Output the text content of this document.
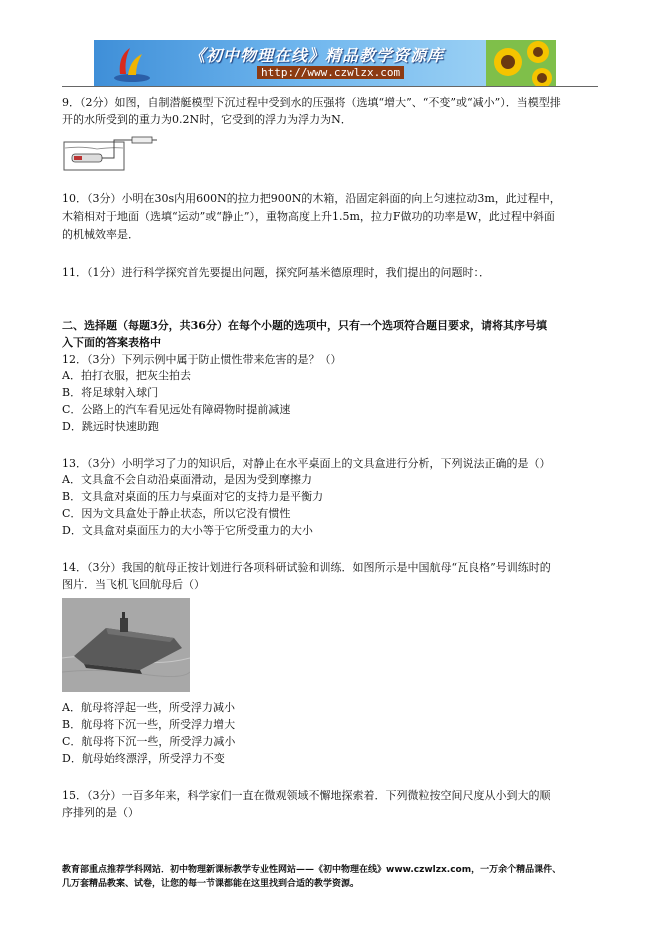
《初中物理在线》精品教学资源库
http://www.czwlzx.com
9．（2分）如图，自制潜艇模型下沉过程中受到水的压强将（选填“增大”、“不变”或“减小”）．当模型排
开的水所受到的重力为0.2N时，它受到的浮力为浮力为N．
10．（3分）小明在30s内用600N的拉力把900N的木箱，沿固定斜面的向上匀速拉动3m，此过程中，
木箱相对于地面（选填“运动”或“静止”），重物高度上升1.5m，拉力F做功的功率是W，此过程中斜面
的机械效率是．
11．（1分）进行科学探究首先要提出问题，探究阿基米德原理时，我们提出的问题时：．
二、选择题（每题3分，共36分）在每个小题的选项中，只有一个选项符合题目要求，请将其序号填
入下面的答案表格中
12．（3分）下列示例中属于防止惯性带来危害的是？（）
A．拍打衣服，把灰尘拍去
B．将足球射入球门
C．公路上的汽车看见远处有障碍物时提前减速
D．跳远时快速助跑
13．（3分）小明学习了力的知识后，对静止在水平桌面上的文具盒进行分析，下列说法正确的是（）
A．文具盒不会自动沿桌面滑动，是因为受到摩擦力
B．文具盒对桌面的压力与桌面对它的支持力是平衡力
C．因为文具盒处于静止状态，所以它没有惯性
D．文具盒对桌面压力的大小等于它所受重力的大小
14．（3分）我国的航母正按计划进行各项科研试验和训练．如图所示是中国航母“瓦良格”号训练时的
图片．当飞机飞回航母后（）
A．航母将浮起一些，所受浮力减小
B．航母将下沉一些，所受浮力增大
C．航母将下沉一些，所受浮力减小
D．航母始终漂浮，所受浮力不变
15．（3分）一百多年来，科学家们一直在微观领域不懈地探索着．下列微粒按空间尺度从小到大的顺
序排列的是（）
教育部重点推荐学科网站．初中物理新课标教学专业性网站——《初中物理在线》www.czwlzx.com，一万余个精品课件、
几万套精品教案、试卷，让您的每一节课都能在这里找到合适的教学资源。
